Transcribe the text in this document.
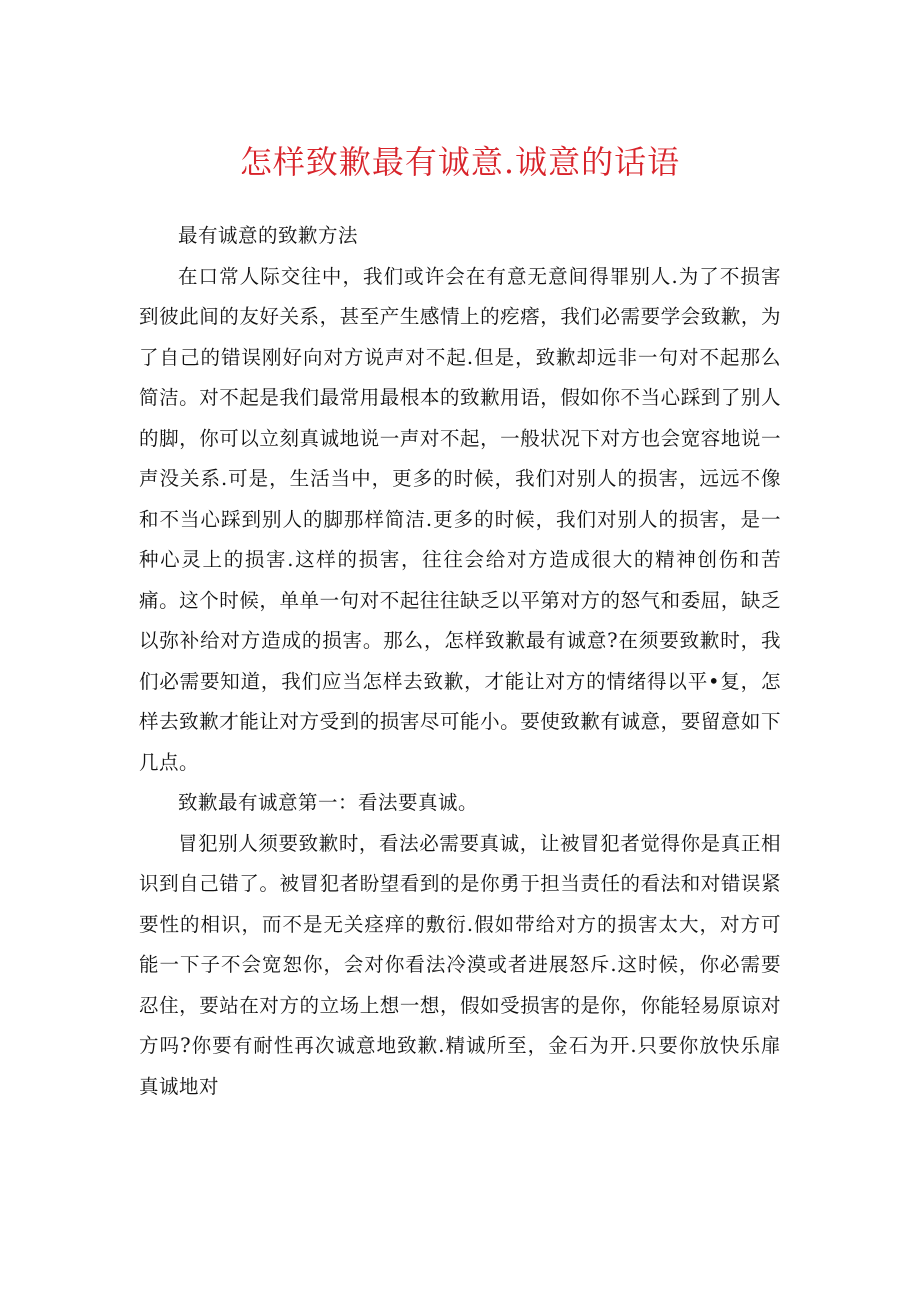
怎样致歉最有诚意.诚意的话语

最有诚意的致歉方法

在口常人际交往中，我们或许会在有意无意间得罪别人.为了不损害到彼此间的友好关系，甚至产生感情上的疙瘩，我们必需要学会致歉，为了自己的错误刚好向对方说声对不起.但是，致歉却远非一句对不起那么简洁。对不起是我们最常用最根本的致歉用语，假如你不当心踩到了别人的脚，你可以立刻真诚地说一声对不起，一般状况下对方也会宽容地说一声没关系.可是，生活当中，更多的时候，我们对别人的损害，远远不像和不当心踩到别人的脚那样简洁.更多的时候，我们对别人的损害，是一种心灵上的损害.这样的损害，往往会给对方造成很大的精神创伤和苦痛。这个时候，单单一句对不起往往缺乏以平第对方的怒气和委屈，缺乏以弥补给对方造成的损害。那么，怎样致歉最有诚意?在须要致歉时，我们必需要知道，我们应当怎样去致歉，才能让对方的情绪得以平•复，怎样去致歉才能让对方受到的损害尽可能小。要使致歉有诚意，要留意如下几点。

致歉最有诚意第一：看法要真诚。

冒犯别人须要致歉时，看法必需要真诚，让被冒犯者觉得你是真正相识到自己错了。被冒犯者盼望看到的是你勇于担当责任的看法和对错误紧要性的相识，而不是无关痉痒的敷衍.假如带给对方的损害太大，对方可能一下子不会宽恕你，会对你看法冷漠或者进展怒斥.这时候，你必需要忍住，要站在对方的立场上想一想，假如受损害的是你，你能轻易原谅对方吗?你要有耐性再次诚意地致歉.精诚所至，金石为开.只要你放快乐扉真诚地对
